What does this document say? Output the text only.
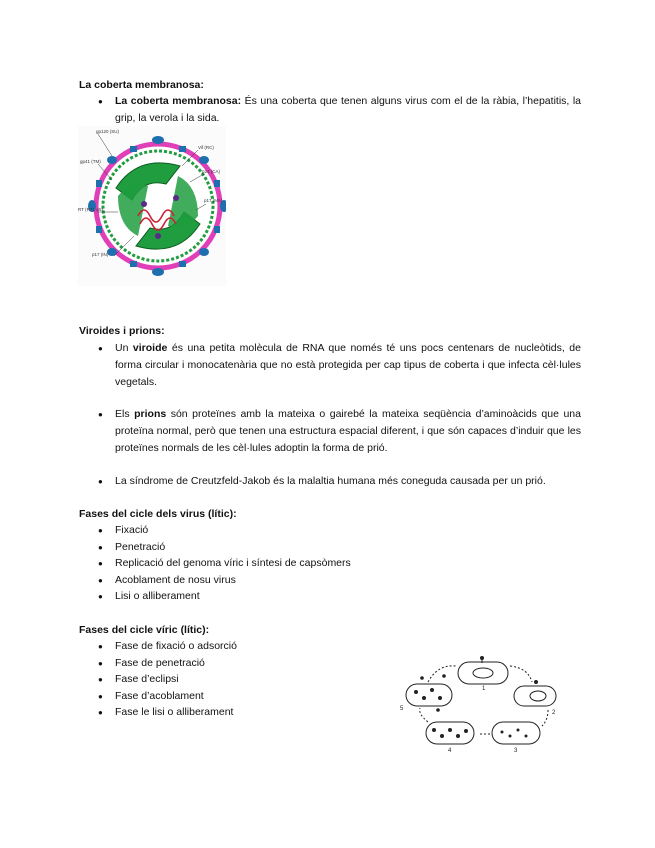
La coberta membranosa:
● La coberta membranosa: És una coberta que tenen alguns virus com el de la ràbia, l’hepatitis, la grip, la verola i la sida.
gp120 (SU)
gp41 (TM)
Vif (RC)
p24 (CA)
p17 (MA)
RT (RT), p51
p17 (IN)
Viroides i prions:
● Un viroide és una petita molècula de RNA que només té uns pocs centenars de nucleòtids, de forma circular i monocatenària que no està protegida per cap tipus de coberta i que infecta cèl·lules vegetals.
● Els prions són proteïnes amb la mateixa o gairebé la mateixa seqüència d’aminoàcids que una proteïna normal, però que tenen una estructura espacial diferent, i que són capaces d’induir que les proteïnes normals de les cèl·lules adoptin la forma de prió.
● La síndrome de Creutzfeld-Jakob és la malaltia humana més coneguda causada per un prió.
Fases del cicle dels virus (lític):
● Fixació
● Penetració
● Replicació del genoma víric i síntesi de capsòmers
● Acoblament de nosu virus
● Lisi o alliberament
Fases del cicle víric (lític):
● Fase de fixació o adsorció
● Fase de penetració
● Fase d’eclipsi
● Fase d’acoblament
● Fase le lisi o alliberament
1
2
3
4
5
